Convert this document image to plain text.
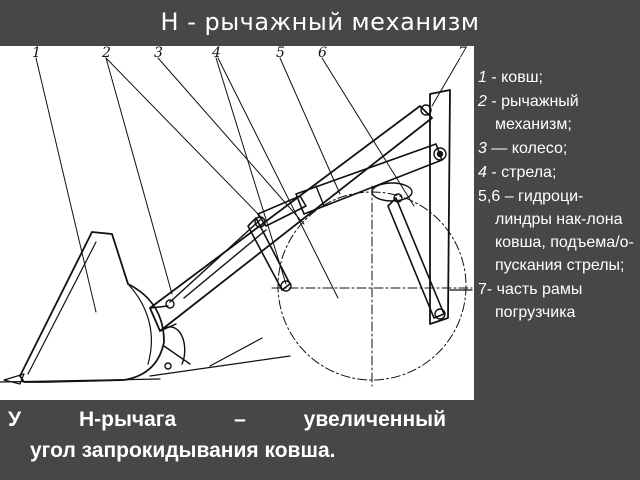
Н - рычажный механизм
1	2	3	4	5 6	7
1 - ковш;
2 - рычажный механизм;
3 — колесо;
4 - стрела;
5,6 – гидроци-линдры нак-лона ковша, подъема/о-пускания стрелы;
7- часть рамы погрузчика
У	Н-рычага	–	увеличенный
угол запрокидывания ковша.
